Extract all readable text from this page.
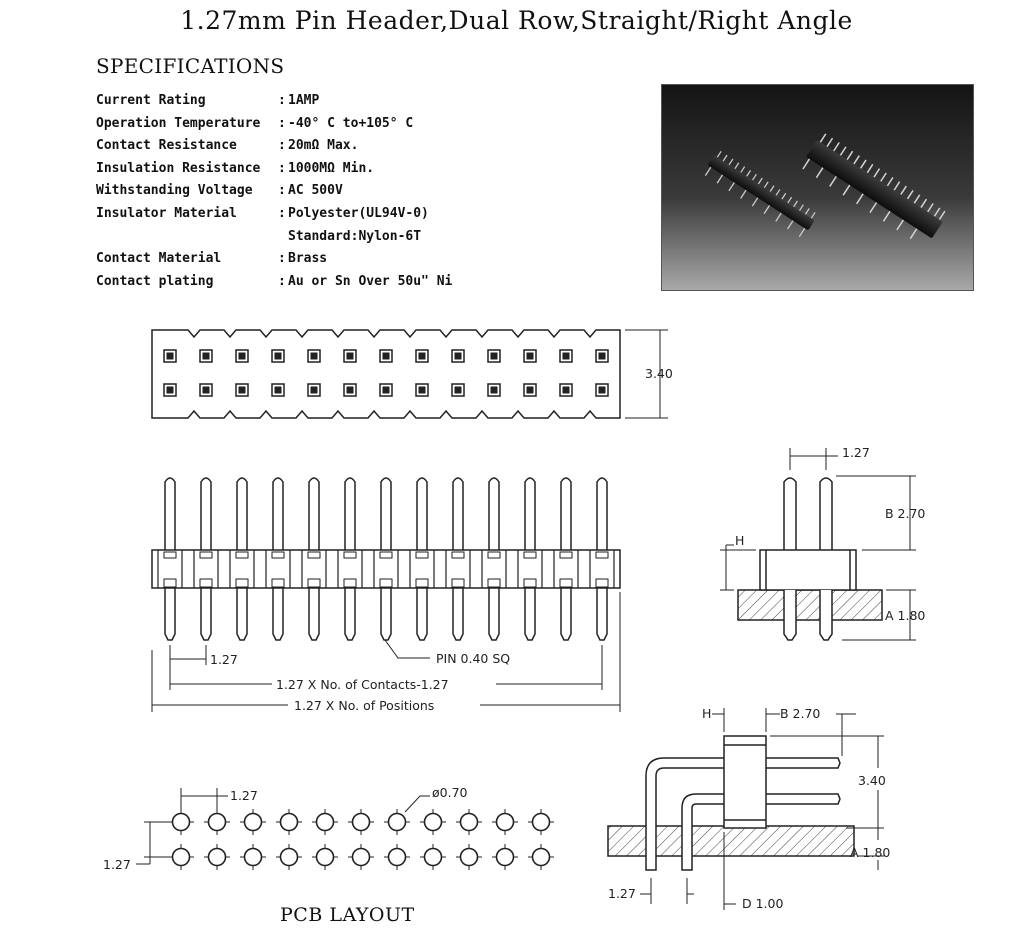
1.27mm Pin Header,Dual Row,Straight/Right Angle
SPECIFICATIONS
Current Rating	: 1AMP
Operation Temperature	: -40° C to+105° C
Contact Resistance	: 20mΩ Max.
Insulation Resistance	: 1000MΩ Min.
Withstanding Voltage	: AC 500V
Insulator Material	: Polyester(UL94V-0)
Standard:Nylon-6T
Contact Material	: Brass
Contact plating	: Au or Sn Over 50u" Ni
3.40
1.27	PIN 0.40 SQ
1.27 X No. of Contacts-1.27
1.27 X No. of Positions
1.27
B 2.70
H
A 1.80
H	B 2.70
3.40
A 1.80
1.27
D 1.00
1.27	ø0.70
1.27
PCB LAYOUT
